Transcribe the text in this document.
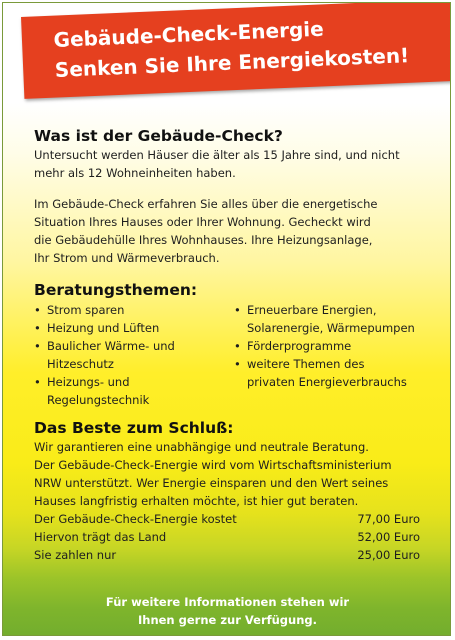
Gebäude-Check-Energie
Senken Sie Ihre Energiekosten!
Was ist der Gebäude-Check?

Untersucht werden Häuser die älter als 15 Jahre sind, und nicht

mehr als 12 Wohneinheiten haben.

Im Gebäude-Check erfahren Sie alles über die energetische

Situation Ihres Hauses oder Ihrer Wohnung. Gecheckt wird

die Gebäudehülle Ihres Wohnhauses. Ihre Heizungsanlage,

Ihr Strom und Wärmeverbrauch.

Beratungsthemen:
• Strom sparen
• Heizung und Lüften
• Baulicher Wärme- und
Hitzeschutz
• Heizungs- und
Regelungstechnik
• Erneuerbare Energien,
Solarenergie, Wärmepumpen
• Förderprogramme
• weitere Themen des
privaten Energieverbrauchs
Das Beste zum Schluß:

Wir garantieren eine unabhängige und neutrale Beratung.

Der Gebäude-Check-Energie wird vom Wirtschaftsministerium

NRW unterstützt. Wer Energie einsparen und den Wert seines

Hauses langfristig erhalten möchte, ist hier gut beraten.

Der Gebäude-Check-Energie kostet	77,00 Euro
Hiervon trägt das Land	52,00 Euro
Sie zahlen nur	25,00 Euro
Für weitere Informationen stehen wir
Ihnen gerne zur Verfügung.
